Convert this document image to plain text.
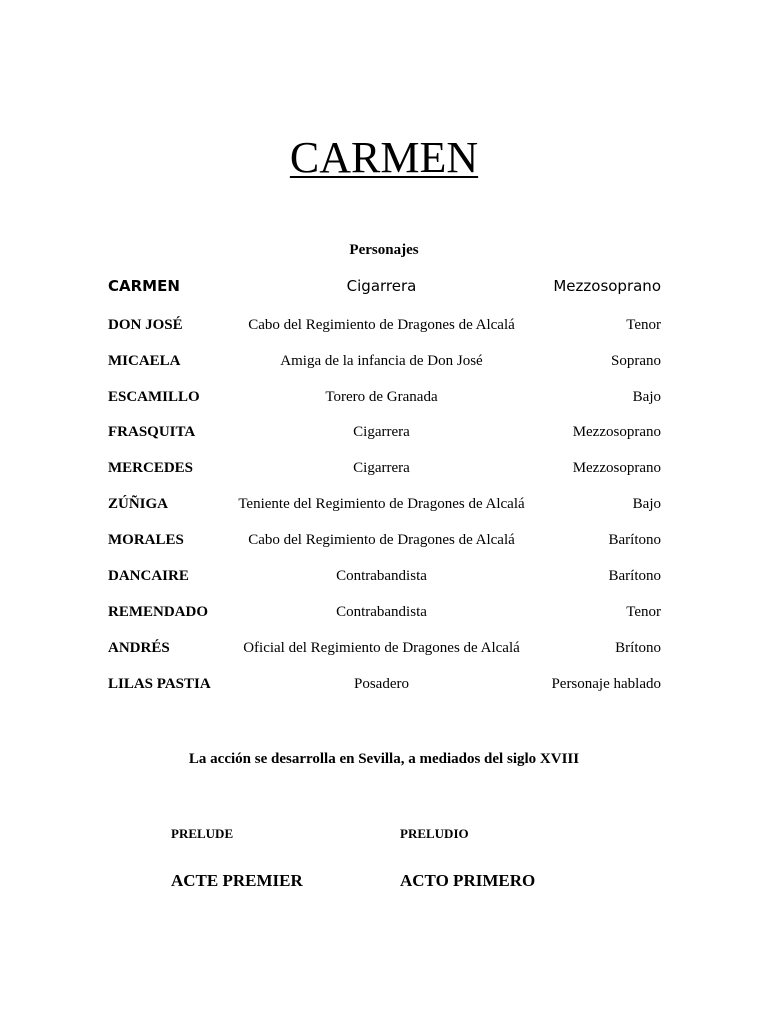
CARMEN
Personajes
CARMEN	Cigarrera	Mezzosoprano
DON JOSÉ	Cabo del Regimiento de Dragones de Alcalá	Tenor
MICAELA	Amiga de la infancia de Don José	Soprano
ESCAMILLO	Torero de Granada	Bajo
FRASQUITA	Cigarrera	Mezzosoprano
MERCEDES	Cigarrera	Mezzosoprano
ZÚÑIGA	Teniente del Regimiento de Dragones de Alcalá	Bajo
MORALES	Cabo del Regimiento de Dragones de Alcalá	Barítono
DANCAIRE	Contrabandista	Barítono
REMENDADO	Contrabandista	Tenor
ANDRÉS	Oficial del Regimiento de Dragones de Alcalá	Brítono
LILAS PASTIA	Posadero	Personaje hablado
La acción se desarrolla en Sevilla, a mediados del siglo XVIII
PRELUDE	PRELUDIO
ACTE PREMIER	ACTO PRIMERO
